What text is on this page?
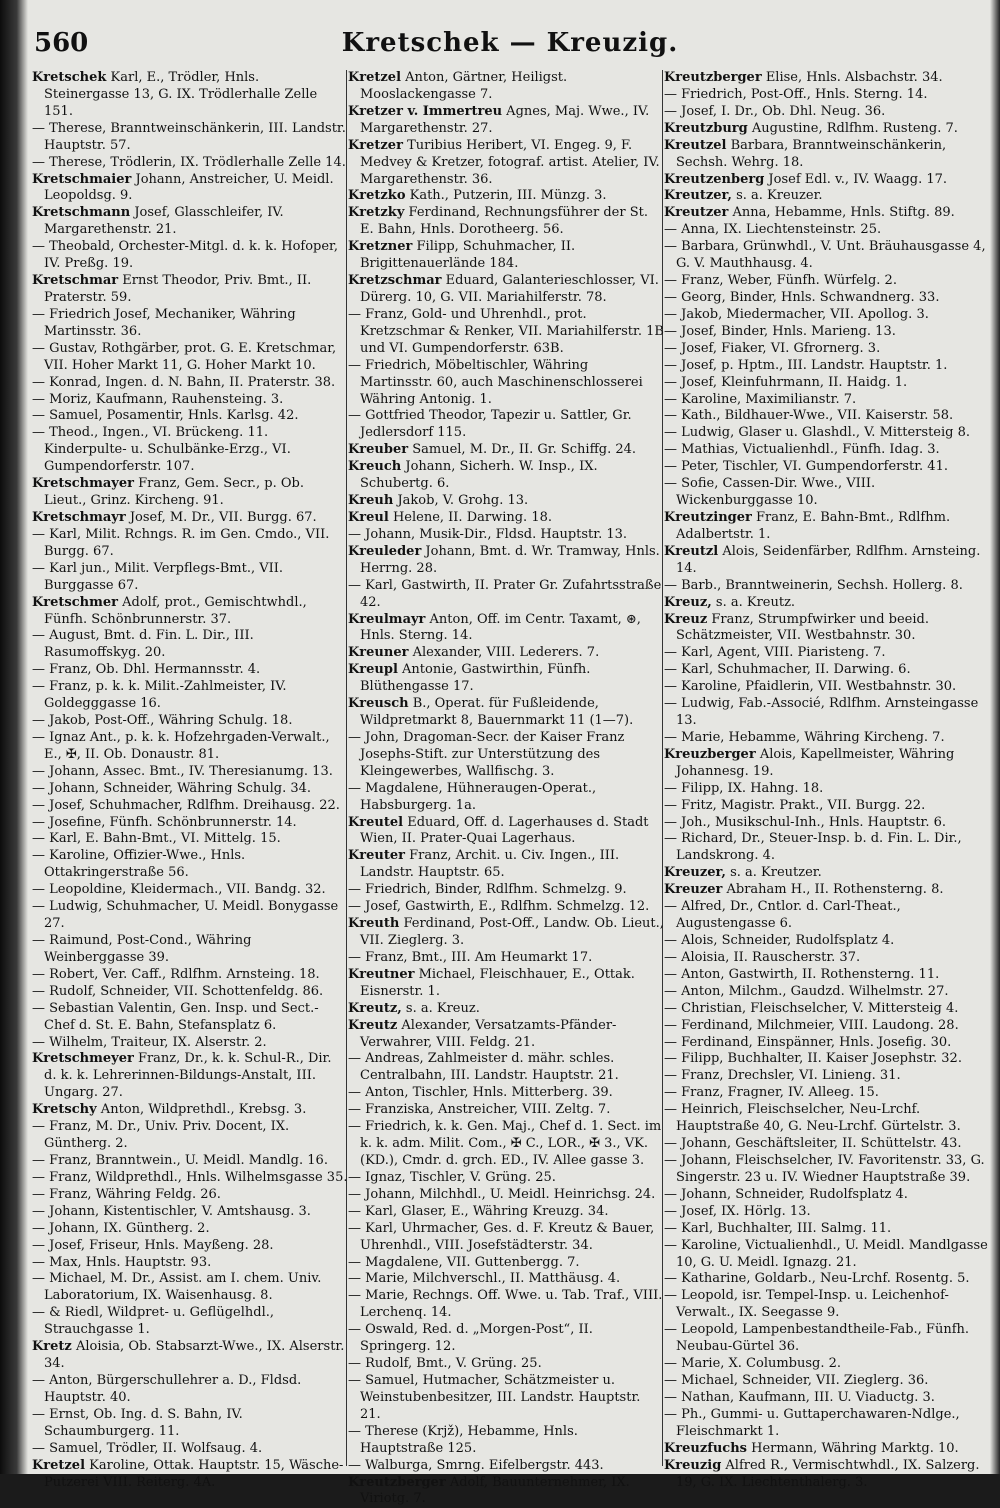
Kretschek — Kreuzig.
560

Kretschek Karl, E., Trödler, Hnls. Steinergasse 13, G. IX. Trödlerhalle Zelle 151.

— Therese, Branntweinschänkerin, III. Landstr. Hauptstr. 57.

— Therese, Trödlerin, IX. Trödlerhalle Zelle 14.

Kretschmaier Johann, Anstreicher, U. Meidl. Leopoldsg. 9.

Kretschmann Josef, Glasschleifer, IV. Margarethenstr. 21.

— Theobald, Orchester-Mitgl. d. k. k. Hofoper, IV. Preßg. 19.

Kretschmar Ernst Theodor, Priv. Bmt., II. Praterstr. 59.

— Friedrich Josef, Mechaniker, Währing Martinsstr. 36.

— Gustav, Rothgärber, prot. G. E. Kretschmar, VII. Hoher Markt 11, G. Hoher Markt 10.

— Konrad, Ingen. d. N. Bahn, II. Praterstr. 38.

— Moriz, Kaufmann, Rauhensteing. 3.

— Samuel, Posamentir, Hnls. Karlsg. 42.

— Theod., Ingen., VI. Brückeng. 11. Kinderpulte- u. Schulbänke-Erzg., VI. Gumpendorferstr. 107.

Kretschmayer Franz, Gem. Secr., p. Ob. Lieut., Grinz. Kircheng. 91.

Kretschmayr Josef, M. Dr., VII. Burgg. 67.

— Karl, Milit. Rchngs. R. im Gen. Cmdo., VII. Burgg. 67.

— Karl jun., Milit. Verpflegs-Bmt., VII. Burggasse 67.

Kretschmer Adolf, prot., Gemischtwhdl., Fünfh. Schönbrunnerstr. 37.

— August, Bmt. d. Fin. L. Dir., III. Rasumoffskyg. 20.

— Franz, Ob. Dhl. Hermannsstr. 4.

— Franz, p. k. k. Milit.-Zahlmeister, IV. Goldegggasse 16.

— Jakob, Post-Off., Währing Schulg. 18.

— Ignaz Ant., p. k. k. Hofzehrgaden-Verwalt., E., ✠, II. Ob. Donaustr. 81.

— Johann, Assec. Bmt., IV. Theresianumg. 13.

— Johann, Schneider, Währing Schulg. 34.

— Josef, Schuhmacher, Rdlfhm. Dreihausg. 22.

— Josefine, Fünfh. Schönbrunnerstr. 14.

— Karl, E. Bahn-Bmt., VI. Mittelg. 15.

— Karoline, Offizier-Wwe., Hnls. Ottakringerstraße 56.

— Leopoldine, Kleidermach., VII. Bandg. 32.

— Ludwig, Schuhmacher, U. Meidl. Bonygasse 27.

— Raimund, Post-Cond., Währing Weinberggasse 39.

— Robert, Ver. Caff., Rdlfhm. Arnsteing. 18.

— Rudolf, Schneider, VII. Schottenfeldg. 86.

— Sebastian Valentin, Gen. Insp. und Sect.-Chef d. St. E. Bahn, Stefansplatz 6.

— Wilhelm, Traiteur, IX. Alserstr. 2.

Kretschmeyer Franz, Dr., k. k. Schul-R., Dir. d. k. k. Lehrerinnen-Bildungs-Anstalt, III. Ungarg. 27.

Kretschy Anton, Wildprethdl., Krebsg. 3.

— Franz, M. Dr., Univ. Priv. Docent, IX. Güntherg. 2.

— Franz, Branntwein., U. Meidl. Mandlg. 16.

— Franz, Wildprethdl., Hnls. Wilhelmsgasse 35.

— Franz, Währing Feldg. 26.

— Johann, Kistentischler, V. Amtshausg. 3.

— Johann, IX. Güntherg. 2.

— Josef, Friseur, Hnls. Mayßeng. 28.

— Max, Hnls. Hauptstr. 93.

— Michael, M. Dr., Assist. am I. chem. Univ. Laboratorium, IX. Waisenhausg. 8.

— & Riedl, Wildpret- u. Geflügelhdl., Strauchgasse 1.

Kretz Aloisia, Ob. Stabsarzt-Wwe., IX. Alserstr. 34.

— Anton, Bürgerschullehrer a. D., Fldsd. Hauptstr. 40.

— Ernst, Ob. Ing. d. S. Bahn, IV. Schaumburgerg. 11.

— Samuel, Trödler, II. Wolfsaug. 4.

Kretzel Karoline, Ottak. Hauptstr. 15, Wäsche-Putzerei VIII. Reiterg. 4A.

Kretzel Anton, Gärtner, Heiligst. Mooslackengasse 7.

Kretzer v. Immertreu Agnes, Maj. Wwe., IV. Margarethenstr. 27.

Kretzer Turibius Heribert, VI. Engeg. 9, F. Medvey & Kretzer, fotograf. artist. Atelier, IV. Margarethenstr. 36.

Kretzko Kath., Putzerin, III. Münzg. 3.

Kretzky Ferdinand, Rechnungsführer der St. E. Bahn, Hnls. Dorotheerg. 56.

Kretzner Filipp, Schuhmacher, II. Brigittenauerlände 184.

Kretzschmar Eduard, Galanterieschlosser, VI. Dürerg. 10, G. VII. Mariahilferstr. 78.

— Franz, Gold- und Uhrenhdl., prot. Kretzschmar & Renker, VII. Mariahilferstr. 1B und VI. Gumpendorferstr. 63B.

— Friedrich, Möbeltischler, Währing Martinsstr. 60, auch Maschinenschlosserei Währing Antonig. 1.

— Gottfried Theodor, Tapezir u. Sattler, Gr. Jedlersdorf 115.

Kreuber Samuel, M. Dr., II. Gr. Schiffg. 24.

Kreuch Johann, Sicherh. W. Insp., IX. Schubertg. 6.

Kreuh Jakob, V. Grohg. 13.

Kreul Helene, II. Darwing. 18.

— Johann, Musik-Dir., Fldsd. Hauptstr. 13.

Kreuleder Johann, Bmt. d. Wr. Tramway, Hnls. Herrng. 28.

— Karl, Gastwirth, II. Prater Gr. Zufahrtsstraße 42.

Kreulmayr Anton, Off. im Centr. Taxamt, ⊛, Hnls. Sterng. 14.

Kreuner Alexander, VIII. Lederers. 7.

Kreupl Antonie, Gastwirthin, Fünfh. Blüthengasse 17.

Kreusch B., Operat. für Fußleidende, Wildpretmarkt 8, Bauernmarkt 11 (1—7).

— John, Dragoman-Secr. der Kaiser Franz Josephs-Stift. zur Unterstützung des Kleingewerbes, Wallfischg. 3.

— Magdalene, Hühneraugen-Operat., Habsburgerg. 1a.

Kreutel Eduard, Off. d. Lagerhauses d. Stadt Wien, II. Prater-Quai Lagerhaus.

Kreuter Franz, Archit. u. Civ. Ingen., III. Landstr. Hauptstr. 65.

— Friedrich, Binder, Rdlfhm. Schmelzg. 9.

— Josef, Gastwirth, E., Rdlfhm. Schmelzg. 12.

Kreuth Ferdinand, Post-Off., Landw. Ob. Lieut., VII. Zieglerg. 3.

— Franz, Bmt., III. Am Heumarkt 17.

Kreutner Michael, Fleischhauer, E., Ottak. Eisnerstr. 1.

Kreutz, s. a. Kreuz.

Kreutz Alexander, Versatzamts-Pfänder-Verwahrer, VIII. Feldg. 21.

— Andreas, Zahlmeister d. mähr. schles. Centralbahn, III. Landstr. Hauptstr. 21.

— Anton, Tischler, Hnls. Mitterberg. 39.

— Franziska, Anstreicher, VIII. Zeltg. 7.

— Friedrich, k. k. Gen. Maj., Chef d. 1. Sect. im k. k. adm. Milit. Com., ✠ C., LOR., ✠ 3., VK. (KD.), Cmdr. d. grch. ED., IV. Allee gasse 3.

— Ignaz, Tischler, V. Grüng. 25.

— Johann, Milchhdl., U. Meidl. Heinrichsg. 24.

— Karl, Glaser, E., Währing Kreuzg. 34.

— Karl, Uhrmacher, Ges. d. F. Kreutz & Bauer, Uhrenhdl., VIII. Josefstädterstr. 34.

— Magdalene, VII. Guttenbergg. 7.

— Marie, Milchverschl., II. Matthäusg. 4.

— Marie, Rechngs. Off. Wwe. u. Tab. Traf., VIII. Lerchenq. 14.

— Oswald, Red. d. „Morgen-Post“, II. Springerg. 12.

— Rudolf, Bmt., V. Grüng. 25.

— Samuel, Hutmacher, Schätzmeister u. Weinstubenbesitzer, III. Landstr. Hauptstr. 21.

— Therese (Krjž), Hebamme, Hnls. Hauptstraße 125.

— Walburga, Smrng. Eifelbergstr. 443.

Kreutzberger Adolf, Bauunternehmer, IX. Viriotg. 7.

Kreutzberger Elise, Hnls. Alsbachstr. 34.

— Friedrich, Post-Off., Hnls. Sterng. 14.

— Josef, I. Dr., Ob. Dhl. Neug. 36.

Kreutzburg Augustine, Rdlfhm. Rusteng. 7.

Kreutzel Barbara, Branntweinschänkerin, Sechsh. Wehrg. 18.

Kreutzenberg Josef Edl. v., IV. Waagg. 17.

Kreutzer, s. a. Kreuzer.

Kreutzer Anna, Hebamme, Hnls. Stiftg. 89.

— Anna, IX. Liechtensteinstr. 25.

— Barbara, Grünwhdl., V. Unt. Bräuhausgasse 4, G. V. Mauthhausg. 4.

— Franz, Weber, Fünfh. Würfelg. 2.

— Georg, Binder, Hnls. Schwandnerg. 33.

— Jakob, Miedermacher, VII. Apollog. 3.

— Josef, Binder, Hnls. Marieng. 13.

— Josef, Fiaker, VI. Gfrornerg. 3.

— Josef, p. Hptm., III. Landstr. Hauptstr. 1.

— Josef, Kleinfuhrmann, II. Haidg. 1.

— Karoline, Maximilianstr. 7.

— Kath., Bildhauer-Wwe., VII. Kaiserstr. 58.

— Ludwig, Glaser u. Glashdl., V. Mittersteig 8.

— Mathias, Victualienhdl., Fünfh. Idag. 3.

— Peter, Tischler, VI. Gumpendorferstr. 41.

— Sofie, Cassen-Dir. Wwe., VIII. Wickenburggasse 10.

Kreutzinger Franz, E. Bahn-Bmt., Rdlfhm. Adalbertstr. 1.

Kreutzl Alois, Seidenfärber, Rdlfhm. Arnsteing. 14.

— Barb., Branntweinerin, Sechsh. Hollerg. 8.

Kreuz, s. a. Kreutz.

Kreuz Franz, Strumpfwirker und beeid. Schätzmeister, VII. Westbahnstr. 30.

— Karl, Agent, VIII. Piaristeng. 7.

— Karl, Schuhmacher, II. Darwing. 6.

— Karoline, Pfaidlerin, VII. Westbahnstr. 30.

— Ludwig, Fab.-Associé, Rdlfhm. Arnsteingasse 13.

— Marie, Hebamme, Währing Kircheng. 7.

Kreuzberger Alois, Kapellmeister, Währing Johannesg. 19.

— Filipp, IX. Hahng. 18.

— Fritz, Magistr. Prakt., VII. Burgg. 22.

— Joh., Musikschul-Inh., Hnls. Hauptstr. 6.

— Richard, Dr., Steuer-Insp. b. d. Fin. L. Dir., Landskrong. 4.

Kreuzer, s. a. Kreutzer.

Kreuzer Abraham H., II. Rothensterng. 8.

— Alfred, Dr., Cntlor. d. Carl-Theat., Augustengasse 6.

— Alois, Schneider, Rudolfsplatz 4.

— Aloisia, II. Rauscherstr. 37.

— Anton, Gastwirth, II. Rothensterng. 11.

— Anton, Milchm., Gaudzd. Wilhelmstr. 27.

— Christian, Fleischselcher, V. Mittersteig 4.

— Ferdinand, Milchmeier, VIII. Laudong. 28.

— Ferdinand, Einspänner, Hnls. Josefig. 30.

— Filipp, Buchhalter, II. Kaiser Josephstr. 32.

— Franz, Drechsler, VI. Linieng. 31.

— Franz, Fragner, IV. Alleeg. 15.

— Heinrich, Fleischselcher, Neu-Lrchf. Hauptstraße 40, G. Neu-Lrchf. Gürtelstr. 3.

— Johann, Geschäftsleiter, II. Schüttelstr. 43.

— Johann, Fleischselcher, IV. Favoritenstr. 33, G. Singerstr. 23 u. IV. Wiedner Hauptstraße 39.

— Johann, Schneider, Rudolfsplatz 4.

— Josef, IX. Hörlg. 13.

— Karl, Buchhalter, III. Salmg. 11.

— Karoline, Victualienhdl., U. Meidl. Mandlgasse 10, G. U. Meidl. Ignazg. 21.

— Katharine, Goldarb., Neu-Lrchf. Rosentg. 5.

— Leopold, isr. Tempel-Insp. u. Leichenhof-Verwalt., IX. Seegasse 9.

— Leopold, Lampenbestandtheile-Fab., Fünfh. Neubau-Gürtel 36.

— Marie, X. Columbusg. 2.

— Michael, Schneider, VII. Zieglerg. 36.

— Nathan, Kaufmann, III. U. Viaductg. 3.

— Ph., Gummi- u. Guttaperchawaren-Ndlge., Fleischmarkt 1.

Kreuzfuchs Hermann, Währing Marktg. 10.

Kreuzig Alfred R., Vermischtwhdl., IX. Salzerg. 19, G. IX. Liechtenthalerg. 3.
